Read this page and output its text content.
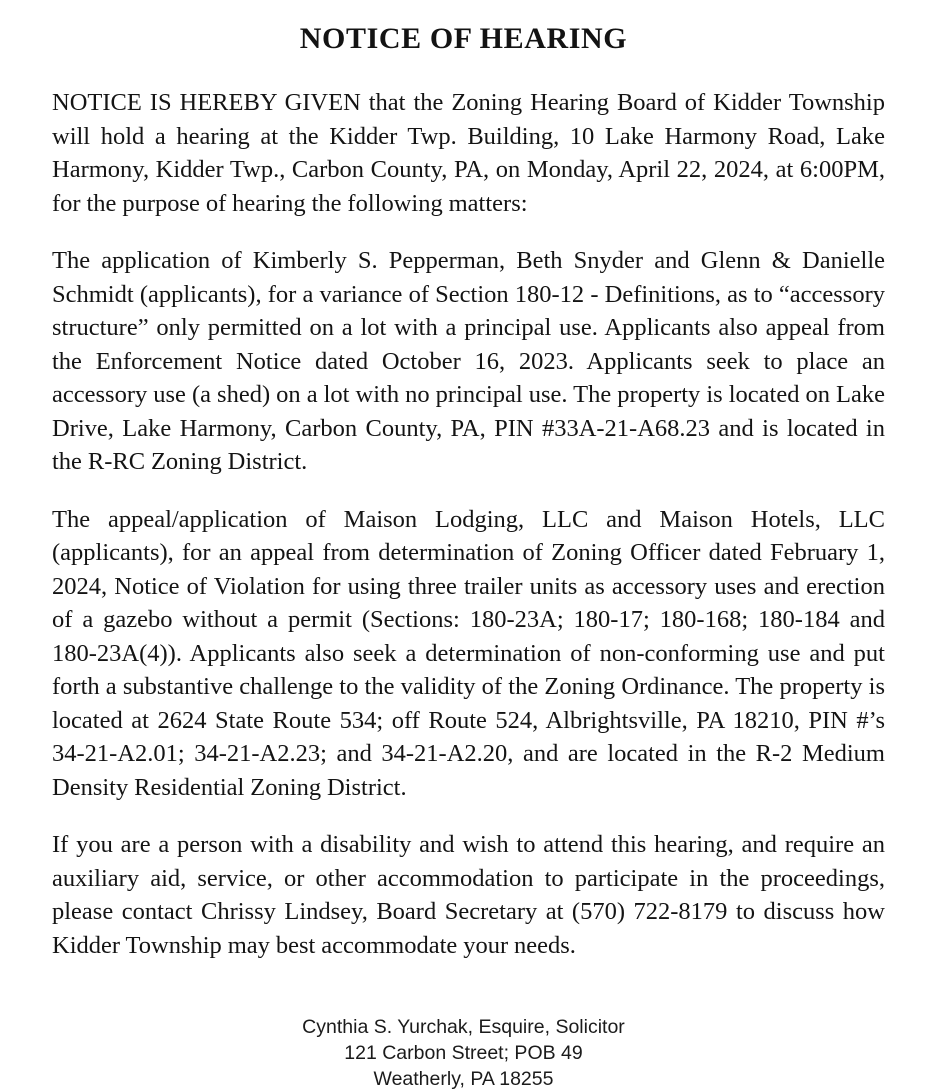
NOTICE OF HEARING

NOTICE IS HEREBY GIVEN that the Zoning Hearing Board of Kidder Township will hold a hearing at the Kidder Twp. Building, 10 Lake Harmony Road, Lake Harmony, Kidder Twp., Carbon County, PA, on Monday, April 22, 2024, at 6:00PM, for the purpose of hearing the following matters:

The application of Kimberly S. Pepperman, Beth Snyder and Glenn & Danielle Schmidt (applicants), for a variance of Section 180-12 - Definitions, as to “accessory structure” only permitted on a lot with a principal use. Applicants also appeal from the Enforcement Notice dated October 16, 2023. Applicants seek to place an accessory use (a shed) on a lot with no principal use. The property is located on Lake Drive, Lake Harmony, Carbon County, PA, PIN #33A-21-A68.23 and is located in the R-RC Zoning District.

The appeal/application of Maison Lodging, LLC and Maison Hotels, LLC (applicants), for an appeal from determination of Zoning Officer dated February 1, 2024, Notice of Violation for using three trailer units as accessory uses and erection of a gazebo without a permit (Sections: 180-23A; 180-17; 180-168; 180-184 and 180-23A(4)). Applicants also seek a determination of non-conforming use and put forth a substantive challenge to the validity of the Zoning Ordinance. The property is located at 2624 State Route 534; off Route 524, Albrightsville, PA 18210, PIN #’s 34-21-A2.01; 34-21-A2.23; and 34-21-A2.20, and are located in the R-2 Medium Density Residential Zoning District.

If you are a person with a disability and wish to attend this hearing, and require an auxiliary aid, service, or other accommodation to participate in the proceedings, please contact Chrissy Lindsey, Board Secretary at (570) 722-8179 to discuss how Kidder Township may best accommodate your needs.

Cynthia S. Yurchak, Esquire, Solicitor
121 Carbon Street; POB 49
Weatherly, PA 18255
